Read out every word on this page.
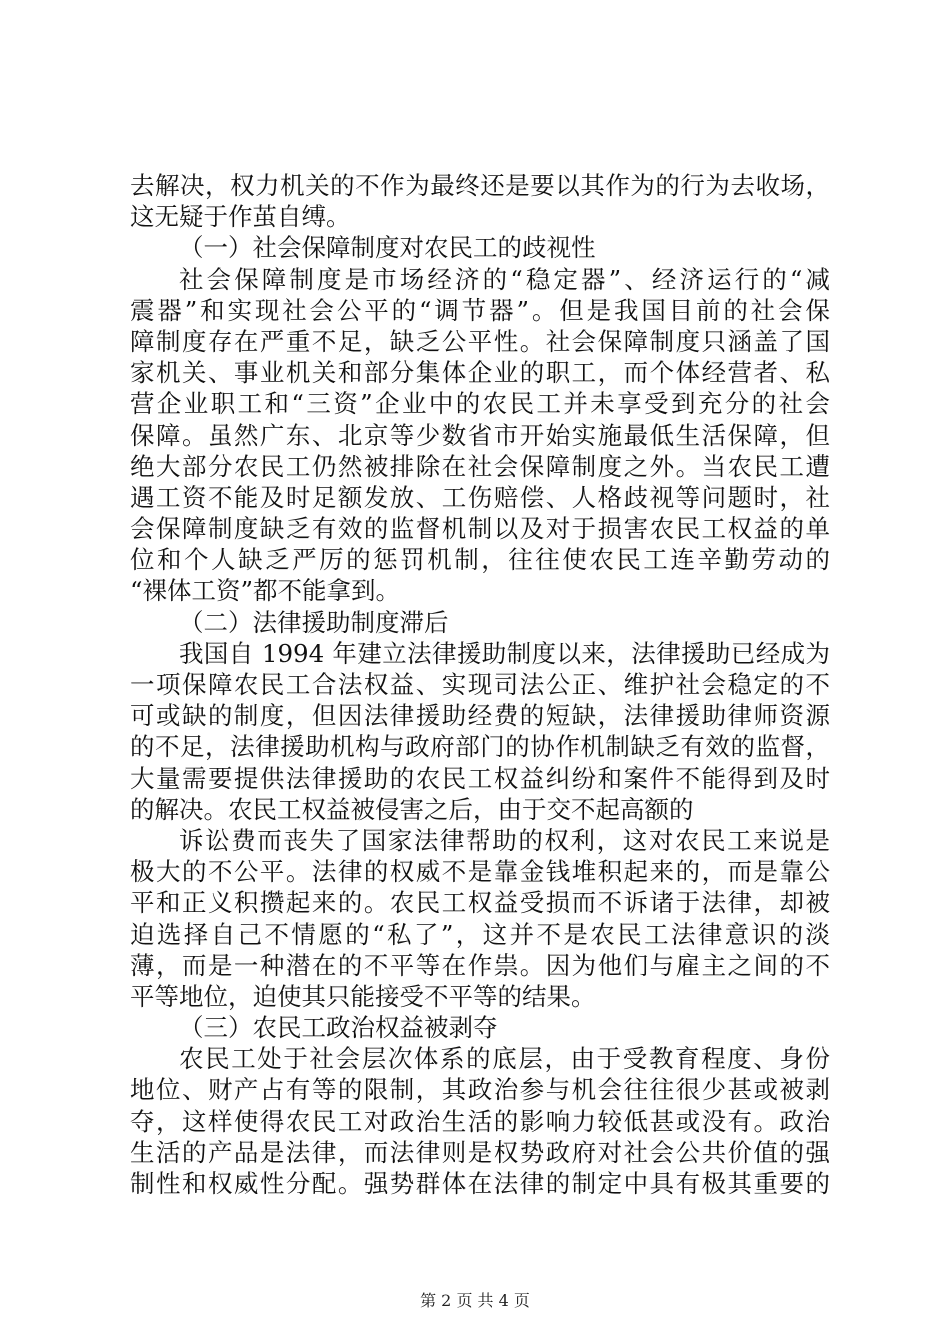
去解决，权力机关的不作为最终还是要以其作为的行为去收场，
这无疑于作茧自缚。
（一）社会保障制度对农民工的歧视性
社会保障制度是市场经济的“稳定器”、经济运行的“减
震器”和实现社会公平的“调节器”。但是我国目前的社会保
障制度存在严重不足，缺乏公平性。社会保障制度只涵盖了国
家机关、事业机关和部分集体企业的职工，而个体经营者、私
营企业职工和“三资”企业中的农民工并未享受到充分的社会
保障。虽然广东、北京等少数省市开始实施最低生活保障，但
绝大部分农民工仍然被排除在社会保障制度之外。当农民工遭
遇工资不能及时足额发放、工伤赔偿、人格歧视等问题时，社
会保障制度缺乏有效的监督机制以及对于损害农民工权益的单
位和个人缺乏严厉的惩罚机制，往往使农民工连辛勤劳动的
“裸体工资”都不能拿到。
（二）法律援助制度滞后
我国自 1994 年建立法律援助制度以来，法律援助已经成为
一项保障农民工合法权益、实现司法公正、维护社会稳定的不
可或缺的制度，但因法律援助经费的短缺，法律援助律师资源
的不足，法律援助机构与政府部门的协作机制缺乏有效的监督，
大量需要提供法律援助的农民工权益纠纷和案件不能得到及时
的解决。农民工权益被侵害之后，由于交不起高额的
诉讼费而丧失了国家法律帮助的权利，这对农民工来说是
极大的不公平。法律的权威不是靠金钱堆积起来的，而是靠公
平和正义积攒起来的。农民工权益受损而不诉诸于法律，却被
迫选择自己不情愿的“私了”，这并不是农民工法律意识的淡
薄，而是一种潜在的不平等在作祟。因为他们与雇主之间的不
平等地位，迫使其只能接受不平等的结果。
（三）农民工政治权益被剥夺
农民工处于社会层次体系的底层，由于受教育程度、身份
地位、财产占有等的限制，其政治参与机会往往很少甚或被剥
夺，这样使得农民工对政治生活的影响力较低甚或没有。政治
生活的产品是法律，而法律则是权势政府对社会公共价值的强
制性和权威性分配。强势群体在法律的制定中具有极其重要的
第 2 页 共 4 页
